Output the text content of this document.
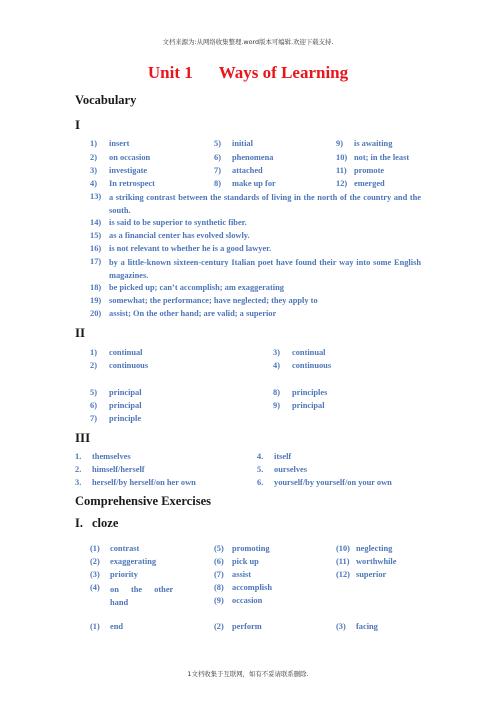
文档来源为:从网络收集整理.word版本可编辑.欢迎下载支持.
Unit 1 Ways of Learning
Vocabulary
I
1) insert	5) initial	9) is awaiting
2) on occasion	6) phenomena	10) not; in the least
3) investigate	7) attached	11) promote
4) In retrospect	8) make up for	12) emerged
13) a striking contrast between the standards of living in the north of the country and the south.
14) is said to be superior to synthetic fiber.
15) as a financial center has evolved slowly.
16) is not relevant to whether he is a good lawyer.
17) by a little-known sixteen-century Italian poet have found their way into some English magazines.
18) be picked up; can’t accomplish; am exaggerating
19) somewhat; the performance; have neglected; they apply to
20) assist; On the other hand; are valid; a superior
II
1) continual	3) continual
2) continuous	4) continuous
5) principal	8) principles
6) principal	9) principal
7) principle
III
1. themselves	4. itself
2. himself/herself	5. ourselves
3. herself/by herself/on her own	6. yourself/by yourself/on your own
Comprehensive Exercises
I. cloze
(1) contrast	(5) promoting	(10) neglecting
(2) exaggerating	(6) pick up	(11) worthwhile
(3) priority	(7) assist	(12) superior
(4) on the other hand
(8) accomplish
(9) occasion
(1) end	(2) perform	(3) facing
1文档收集于互联网，如有不妥请联系删除.
